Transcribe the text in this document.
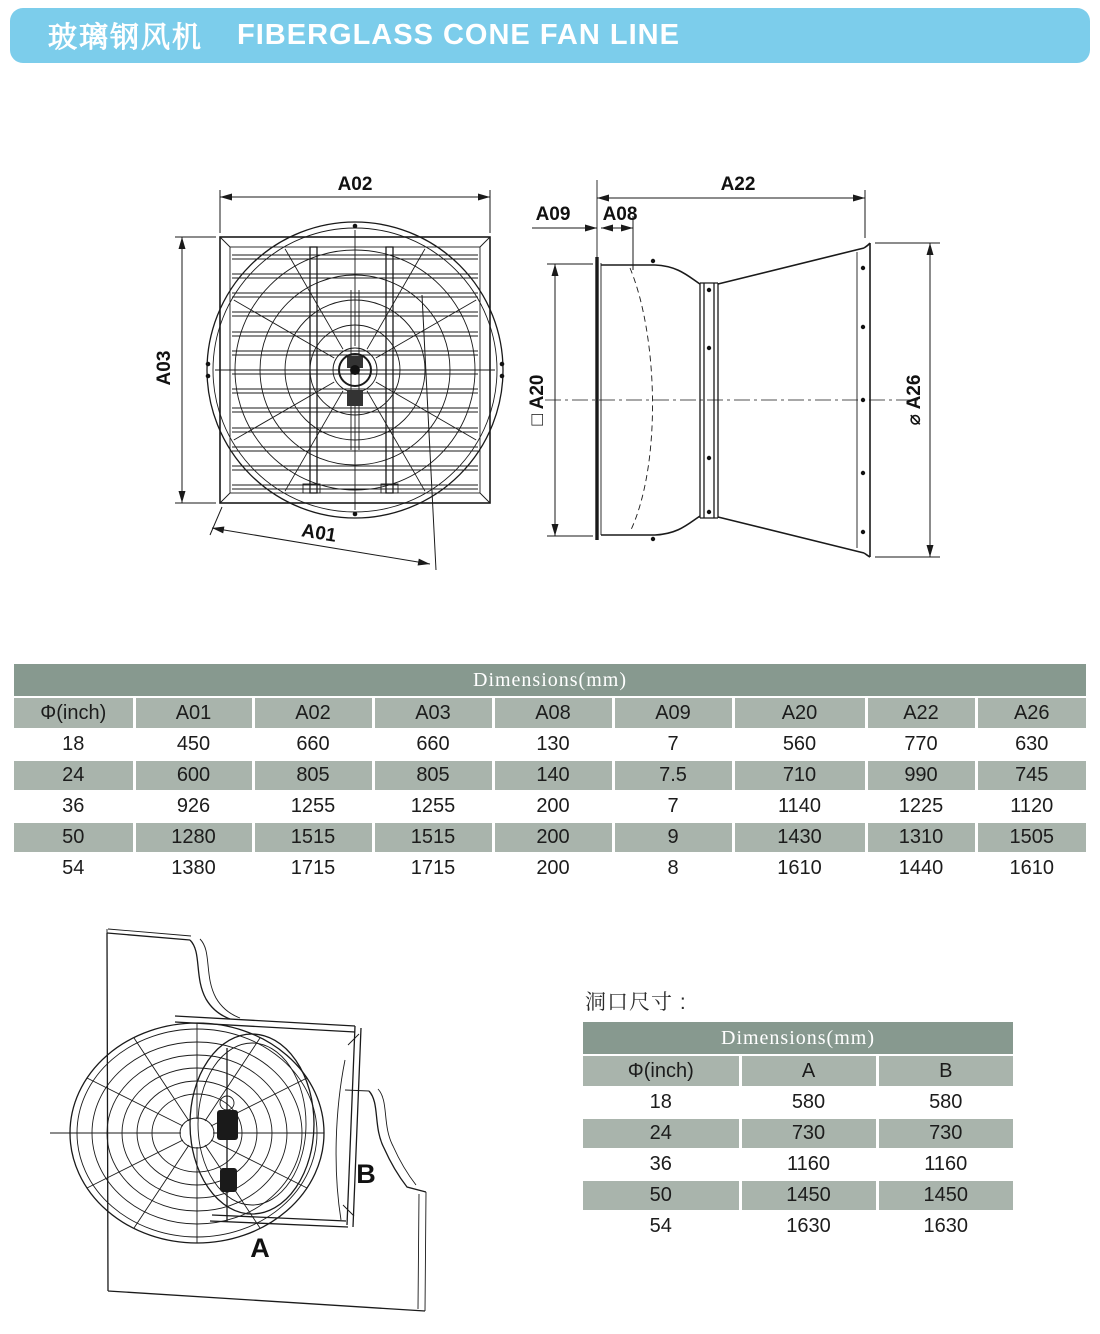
玻璃钢风机 FIBERGLASS CONE FAN LINE
A02
A03
A01
A22
A09 A08
□ A20	⌀ A26
Dimensions(mm)								
Φ(inch)	A01	A02	A03	A08	A09	A20	A22	A26
18	450	660	660	130	7	560	770	630
24	600	805	805	140	7.5	710	990	745
36	926	1255	1255	200	7	1140	1225	1120
50	1280	1515	1515	200	9	1430	1310	1505
54	1380	1715	1715	200	8	1610	1440	1610
A
B
洞口尺寸 :
Dimensions(mm)		
Φ(inch)	A	B
18	580	580
24	730	730
36	1160	1160
50	1450	1450
54	1630	1630
